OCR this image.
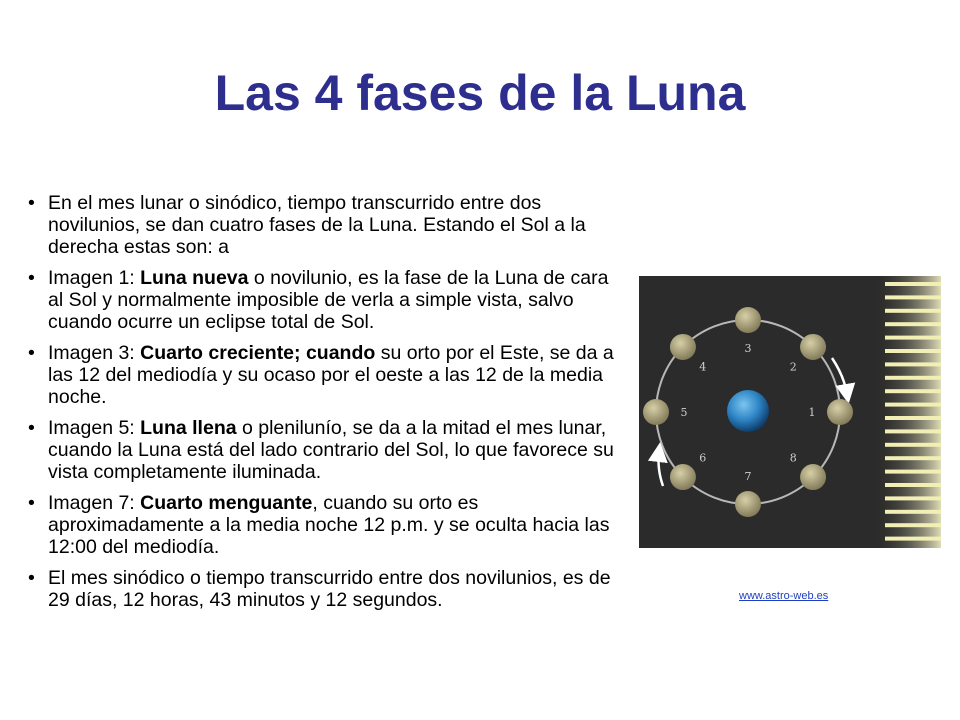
Las 4 fases de la Luna
• En el mes lunar o sinódico, tiempo transcurrido entre dos novilunios, se dan cuatro fases de la Luna. Estando el Sol a la derecha estas son: a
• Imagen 1: Luna nueva o novilunio, es la fase de la Luna de cara al Sol y normalmente imposible de verla a simple vista, salvo cuando ocurre un eclipse total de Sol.
• Imagen 3: Cuarto creciente; cuando su orto por el Este, se da a las 12 del mediodía y su ocaso por el oeste a las 12 de la media noche.
• Imagen 5: Luna llena o plenilunío, se da a la mitad el mes lunar, cuando la Luna está del lado contrario del Sol, lo que favorece su vista completamente iluminada.
• Imagen 7: Cuarto menguante, cuando su orto es aproximadamente a la media noche 12 p.m. y se oculta hacia las 12:00 del mediodía.
• El mes sinódico o tiempo transcurrido entre dos novilunios, es de 29 días, 12 horas, 43 minutos y 12 segundos.
1
2
3
4
5
6
7
8
www.astro-web.es
